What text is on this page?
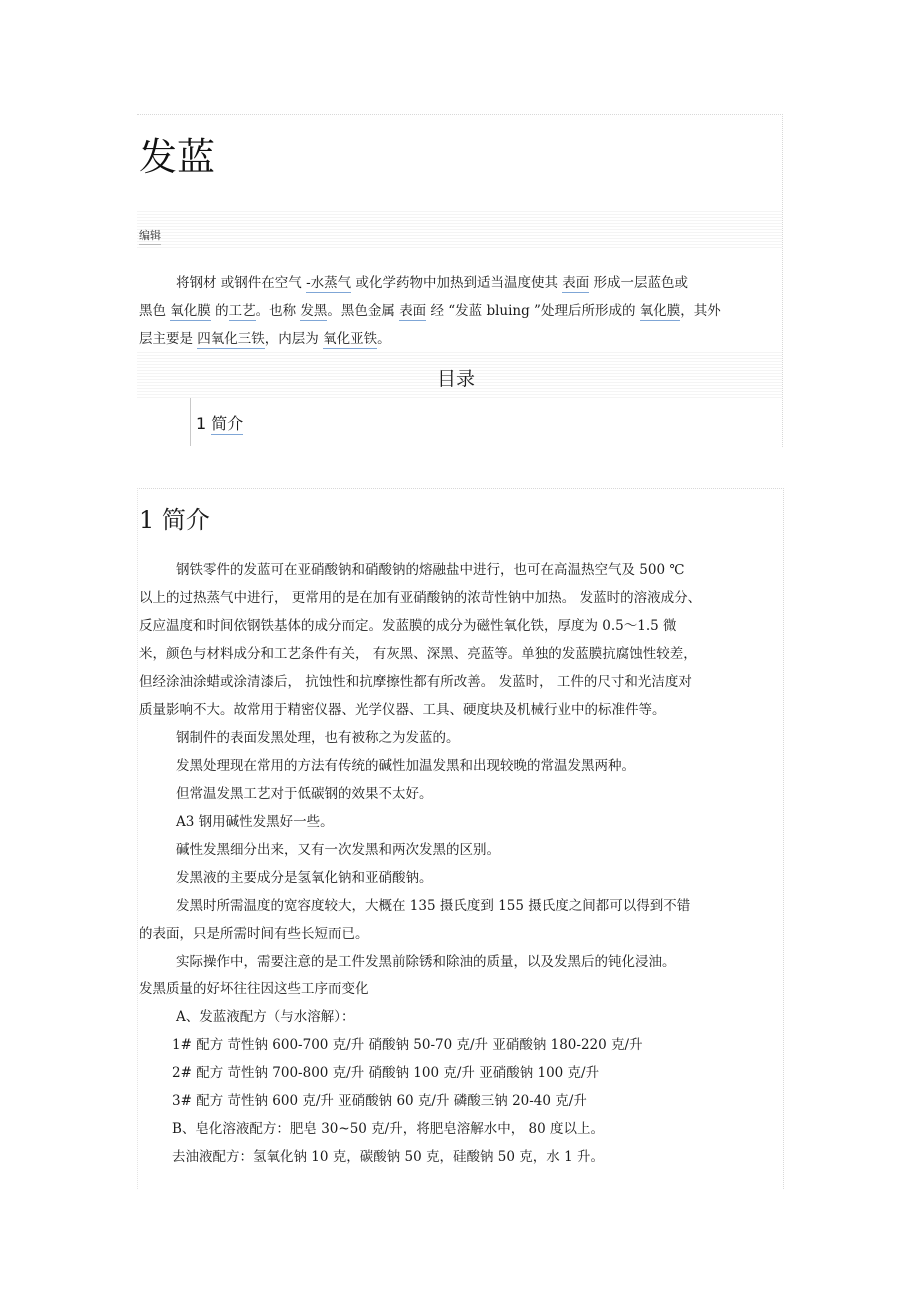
发蓝
编辑
将钢材 或钢件在空气 -水蒸气 或化学药物中加热到适当温度使其 表面 形成一层蓝色或
黑色 氧化膜 的工艺。也称 发黑。黑色金属 表面 经 “发蓝 bluing ”处理后所形成的 氧化膜，其外
层主要是 四氧化三铁，内层为 氧化亚铁。
目录
1 简介
1 简介
钢铁零件的发蓝可在亚硝酸钠和硝酸钠的熔融盐中进行，也可在高温热空气及 500 ℃
以上的过热蒸气中进行， 更常用的是在加有亚硝酸钠的浓苛性钠中加热。 发蓝时的溶液成分、
反应温度和时间依钢铁基体的成分而定。发蓝膜的成分为磁性氧化铁，厚度为 0.5～1.5 微
米，颜色与材料成分和工艺条件有关， 有灰黑、深黑、亮蓝等。单独的发蓝膜抗腐蚀性较差，
但经涂油涂蜡或涂清漆后， 抗蚀性和抗摩擦性都有所改善。 发蓝时， 工件的尺寸和光洁度对
质量影响不大。故常用于精密仪器、光学仪器、工具、硬度块及机械行业中的标准件等。
钢制件的表面发黑处理，也有被称之为发蓝的。
发黑处理现在常用的方法有传统的碱性加温发黑和出现较晚的常温发黑两种。
但常温发黑工艺对于低碳钢的效果不太好。
A3 钢用碱性发黑好一些。
碱性发黑细分出来，又有一次发黑和两次发黑的区别。
发黑液的主要成分是氢氧化钠和亚硝酸钠。
发黑时所需温度的宽容度较大，大概在 135 摄氏度到 155 摄氏度之间都可以得到不错
的表面，只是所需时间有些长短而已。
实际操作中，需要注意的是工件发黑前除锈和除油的质量，以及发黑后的钝化浸油。
发黑质量的好坏往往因这些工序而变化
A、发蓝液配方（与水溶解）：
1# 配方 苛性钠 600-700 克/升 硝酸钠 50-70 克/升 亚硝酸钠 180-220 克/升
2# 配方 苛性钠 700-800 克/升 硝酸钠 100 克/升 亚硝酸钠 100 克/升
3# 配方 苛性钠 600 克/升 亚硝酸钠 60 克/升 磷酸三钠 20-40 克/升
B、皂化溶液配方：肥皂 30~50 克/升，将肥皂溶解水中， 80 度以上。
去油液配方：氢氧化钠 10 克，碳酸钠 50 克，硅酸钠 50 克，水 1 升。
